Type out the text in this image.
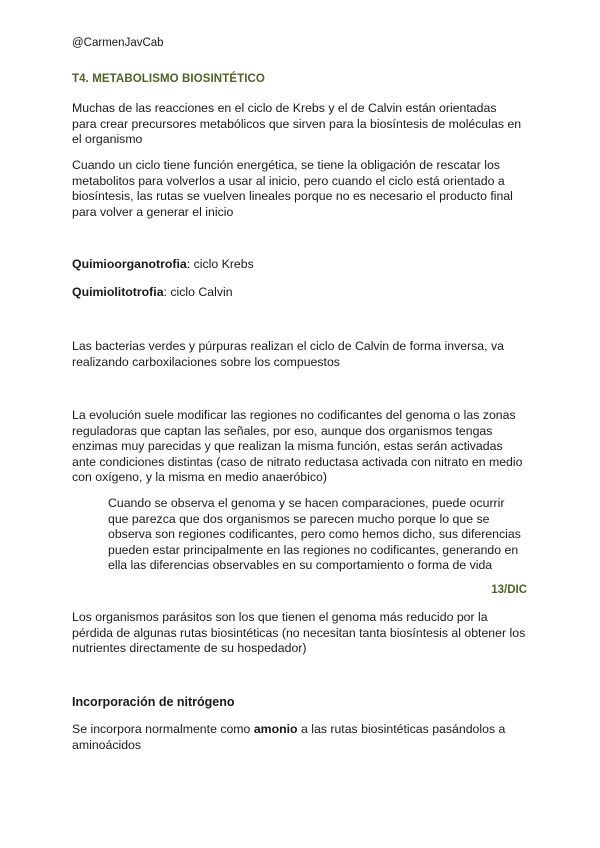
@CarmenJavCab
T4. METABOLISMO BIOSINTÉTICO

Muchas de las reacciones en el ciclo de Krebs y el de Calvin están orientadas para crear precursores metabólicos que sirven para la biosíntesis de moléculas en el organismo

Cuando un ciclo tiene función energética, se tiene la obligación de rescatar los metabolitos para volverlos a usar al inicio, pero cuando el ciclo está orientado a biosíntesis, las rutas se vuelven lineales porque no es necesario el producto final para volver a generar el inicio

Quimioorganotrofia: ciclo Krebs

Quimiolitotrofia: ciclo Calvin

Las bacterias verdes y púrpuras realizan el ciclo de Calvin de forma inversa, va realizando carboxilaciones sobre los compuestos

La evolución suele modificar las regiones no codificantes del genoma o las zonas reguladoras que captan las señales, por eso, aunque dos organismos tengas enzimas muy parecidas y que realizan la misma función, estas serán activadas ante condiciones distintas (caso de nitrato reductasa activada con nitrato en medio con oxígeno, y la misma en medio anaeróbico)

Cuando se observa el genoma y se hacen comparaciones, puede ocurrir que parezca que dos organismos se parecen mucho porque lo que se observa son regiones codificantes, pero como hemos dicho, sus diferencias pueden estar principalmente en las regiones no codificantes, generando en ella las diferencias observables en su comportamiento o forma de vida

13/DIC

Los organismos parásitos son los que tienen el genoma más reducido por la pérdida de algunas rutas biosintéticas (no necesitan tanta biosíntesis al obtener los nutrientes directamente de su hospedador)

Incorporación de nitrógeno

Se incorpora normalmente como amonio a las rutas biosintéticas pasándolos a aminoácidos
